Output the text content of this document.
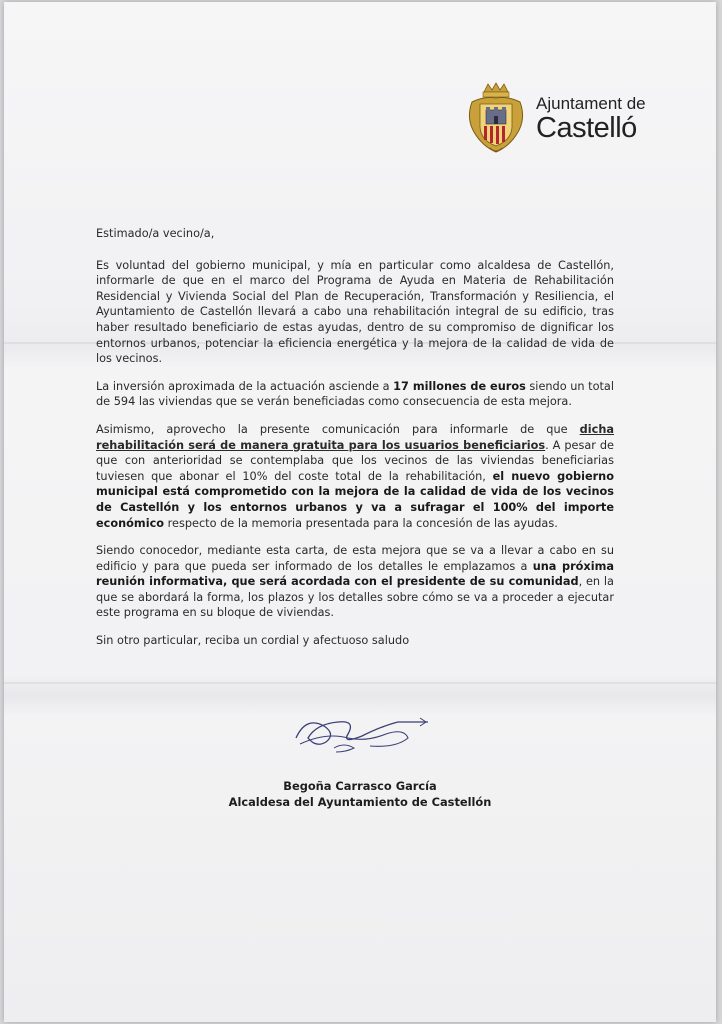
Ajuntament de
Castelló

Estimado/a vecino/a,

Es voluntad del gobierno municipal, y mía en particular como alcaldesa de Castellón, informarle de que en el marco del Programa de Ayuda en Materia de Rehabilitación Residencial y Vivienda Social del Plan de Recuperación, Transformación y Resiliencia, el Ayuntamiento de Castellón llevará a cabo una rehabilitación integral de su edificio, tras haber resultado beneficiario de estas ayudas, dentro de su compromiso de dignificar los entornos urbanos, potenciar la eficiencia energética y la mejora de la calidad de vida de los vecinos.

La inversión aproximada de la actuación asciende a 17 millones de euros siendo un total de 594 las viviendas que se verán beneficiadas como consecuencia de esta mejora.

Asimismo, aprovecho la presente comunicación para informarle de que dicha rehabilitación será de manera gratuita para los usuarios beneficiarios. A pesar de que con anterioridad se contemplaba que los vecinos de las viviendas beneficiarias tuviesen que abonar el 10% del coste total de la rehabilitación, el nuevo gobierno municipal está comprometido con la mejora de la calidad de vida de los vecinos de Castellón y los entornos urbanos y va a sufragar el 100% del importe económico respecto de la memoria presentada para la concesión de las ayudas.

Siendo conocedor, mediante esta carta, de esta mejora que se va a llevar a cabo en su edificio y para que pueda ser informado de los detalles le emplazamos a una próxima reunión informativa, que será acordada con el presidente de su comunidad, en la que se abordará la forma, los plazos y los detalles sobre cómo se va a proceder a ejecutar este programa en su bloque de viviendas.

Sin otro particular, reciba un cordial y afectuoso saludo

Begoña Carrasco García
Alcaldesa del Ayuntamiento de Castellón
